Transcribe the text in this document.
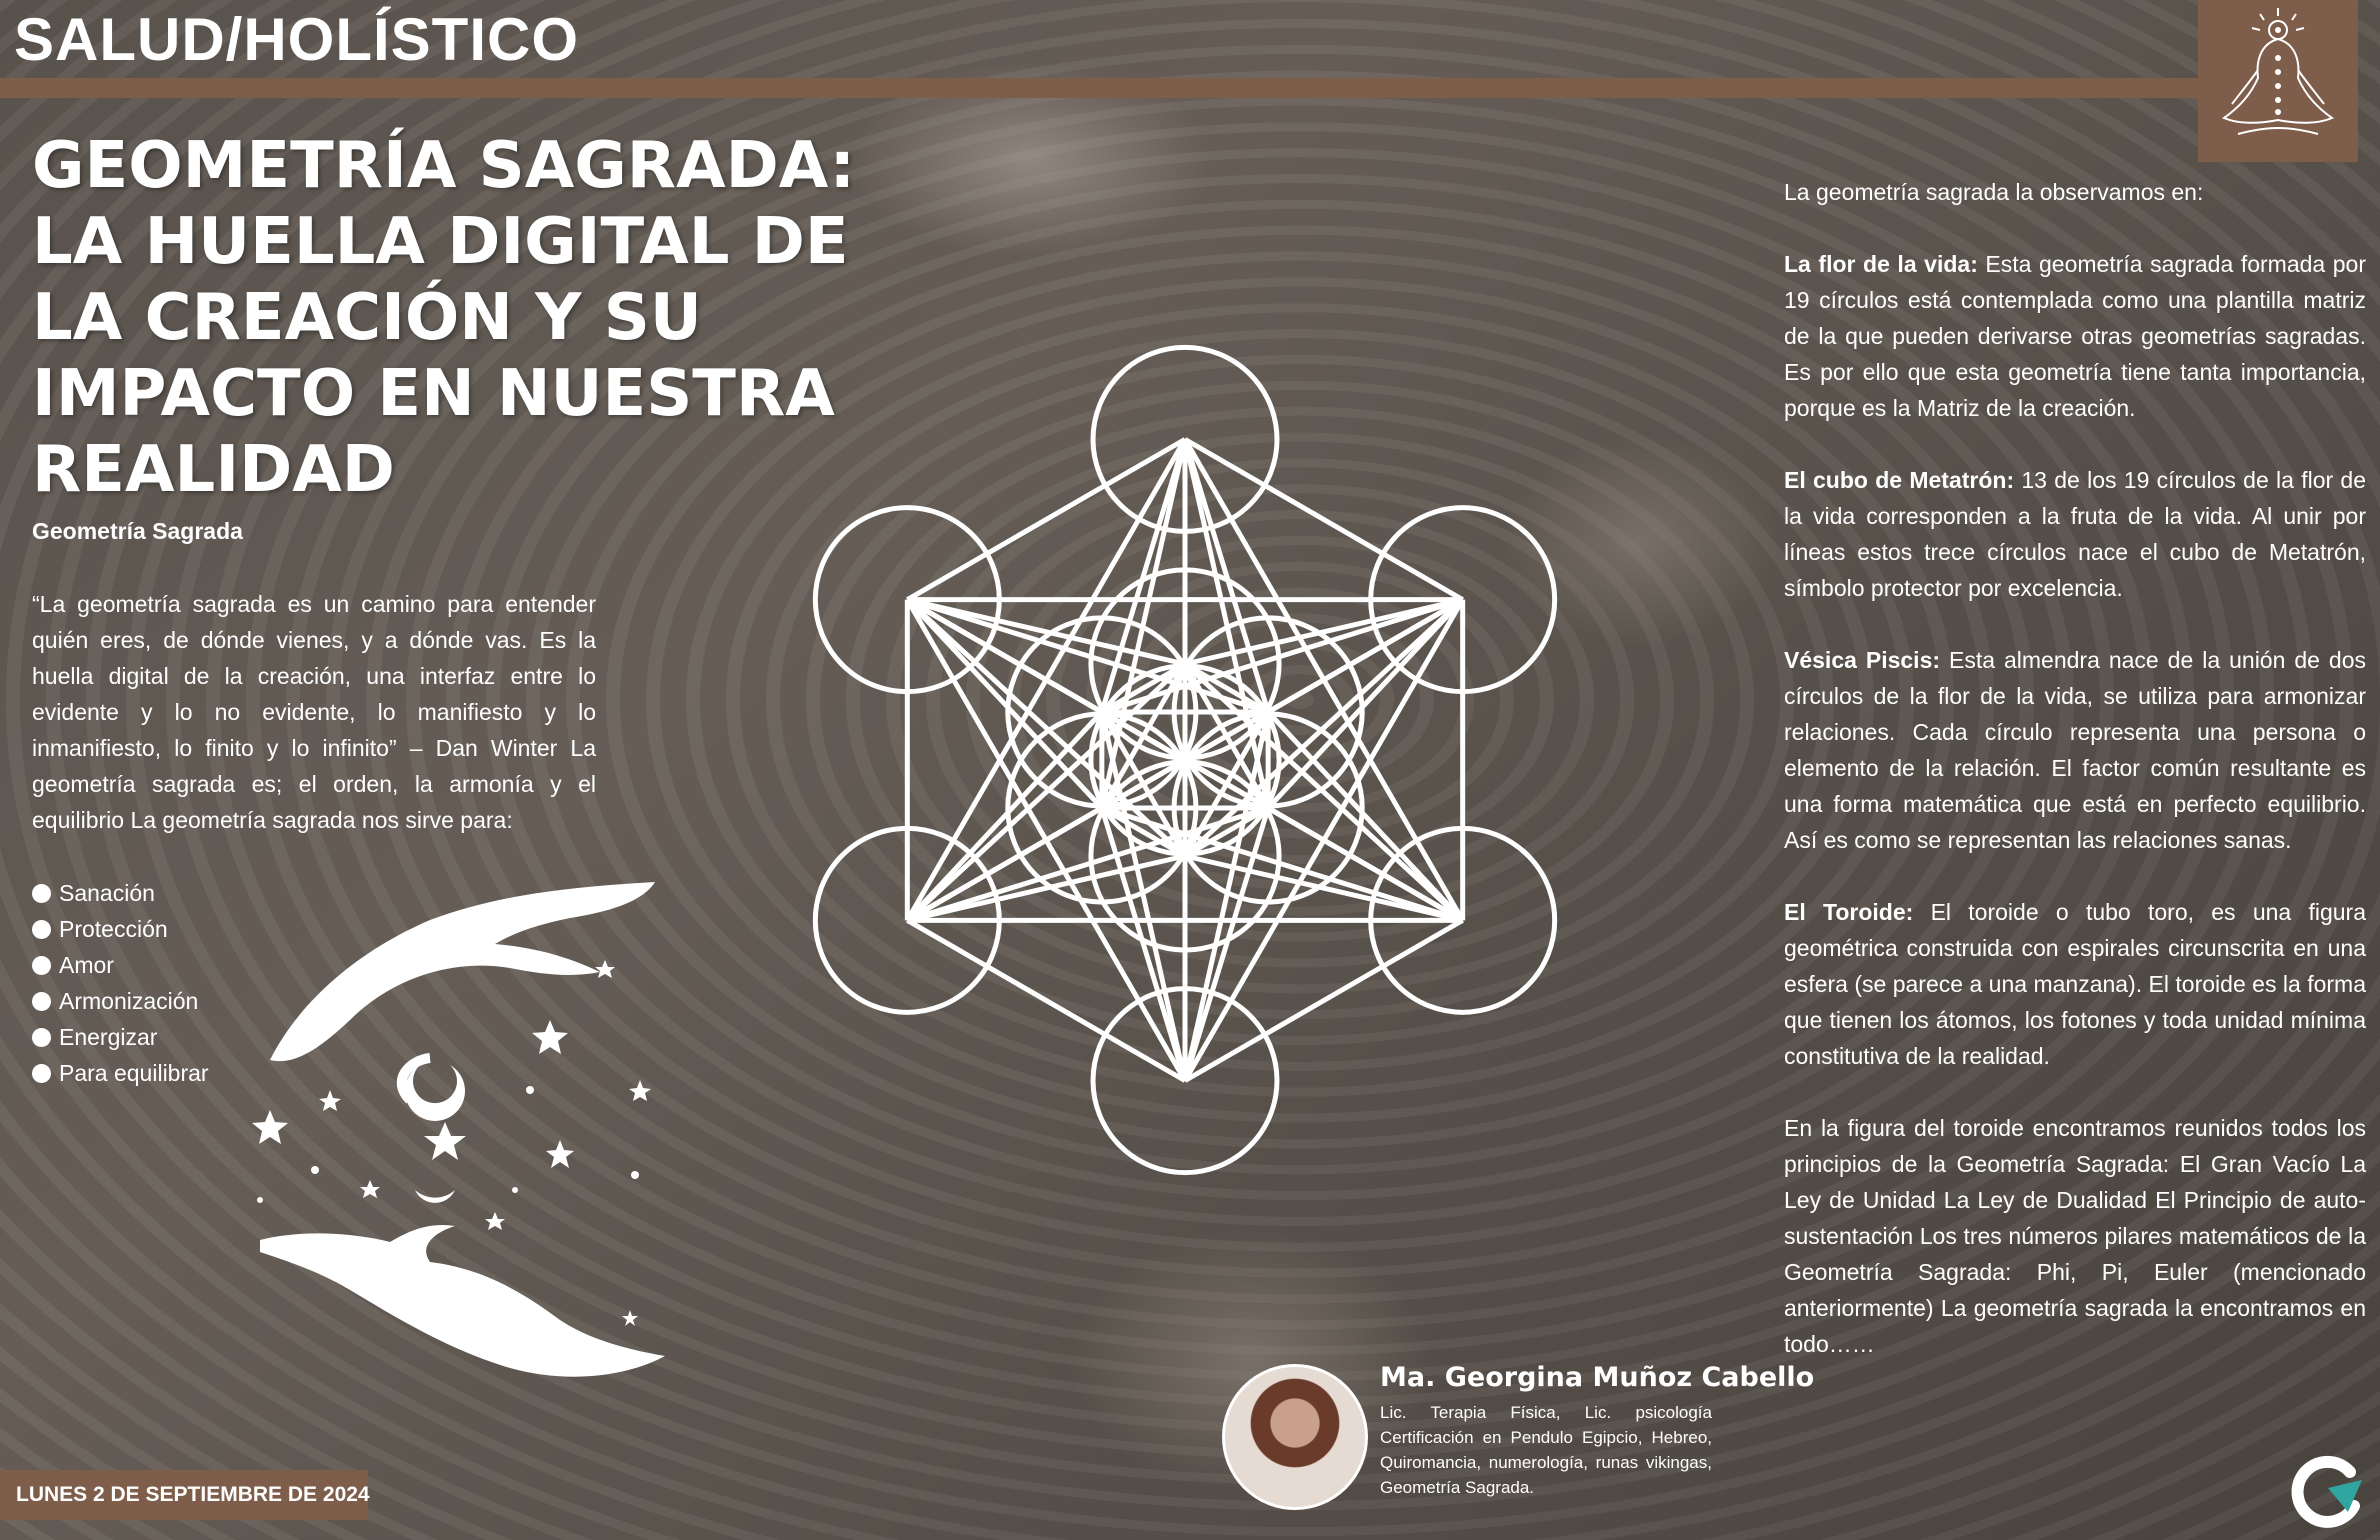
SALUD/HOLÍSTICO
GEOMETRÍA SAGRADA: LA HUELLA DIGITAL DE LA CREACIÓN Y SU IMPACTO EN NUESTRA REALIDAD
Geometría Sagrada
“La geometría sagrada es un camino para entender quién eres, de dónde vienes, y a dónde vas. Es la huella digital de la creación, una interfaz entre lo evidente y lo no evidente, lo manifiesto y lo inmanifiesto, lo finito y lo infinito” – Dan Winter La geometría sagrada es; el orden, la armonía y el equilibrio La geometría sagrada nos sirve para:
Sanación
Protección
Amor
Armonización
Energizar
Para equilibrar

La geometría sagrada la observamos en:

La flor de la vida: Esta geometría sagrada formada por 19 círculos está contemplada como una plantilla matriz de la que pueden derivarse otras geometrías sagradas. Es por ello que esta geometría tiene tanta importancia, porque es la Matriz de la creación.

El cubo de Metatrón: 13 de los 19 círculos de la flor de la vida corresponden a la fruta de la vida. Al unir por líneas estos trece círculos nace el cubo de Metatrón, símbolo protector por excelencia.

Vésica Piscis: Esta almendra nace de la unión de dos círculos de la flor de la vida, se utiliza para armonizar relaciones. Cada círculo representa una persona o elemento de la relación. El factor común resultante es una forma matemática que está en perfecto equilibrio. Así es como se representan las relaciones sanas.

El Toroide: El toroide o tubo toro, es una figura geométrica construida con espirales circunscrita en una esfera (se parece a una manzana). El toroide es la forma que tienen los átomos, los fotones y toda unidad mínima constitutiva de la realidad.

En la figura del toroide encontramos reunidos todos los principios de la Geometría Sagrada: El Gran Vacío La Ley de Unidad La Ley de Dualidad El Principio de auto-sustentación Los tres números pilares matemáticos de la Geometría Sagrada: Phi, Pi, Euler (mencionado anteriormente) La geometría sagrada la encontramos en todo……

Ma. Georgina Muñoz Cabello
Lic. Terapia Física, Lic. psicología Certificación en Pendulo Egipcio, Hebreo, Quiromancia, numerología, runas vikingas, Geometría Sagrada.
LUNES 2 DE SEPTIEMBRE DE 2024
